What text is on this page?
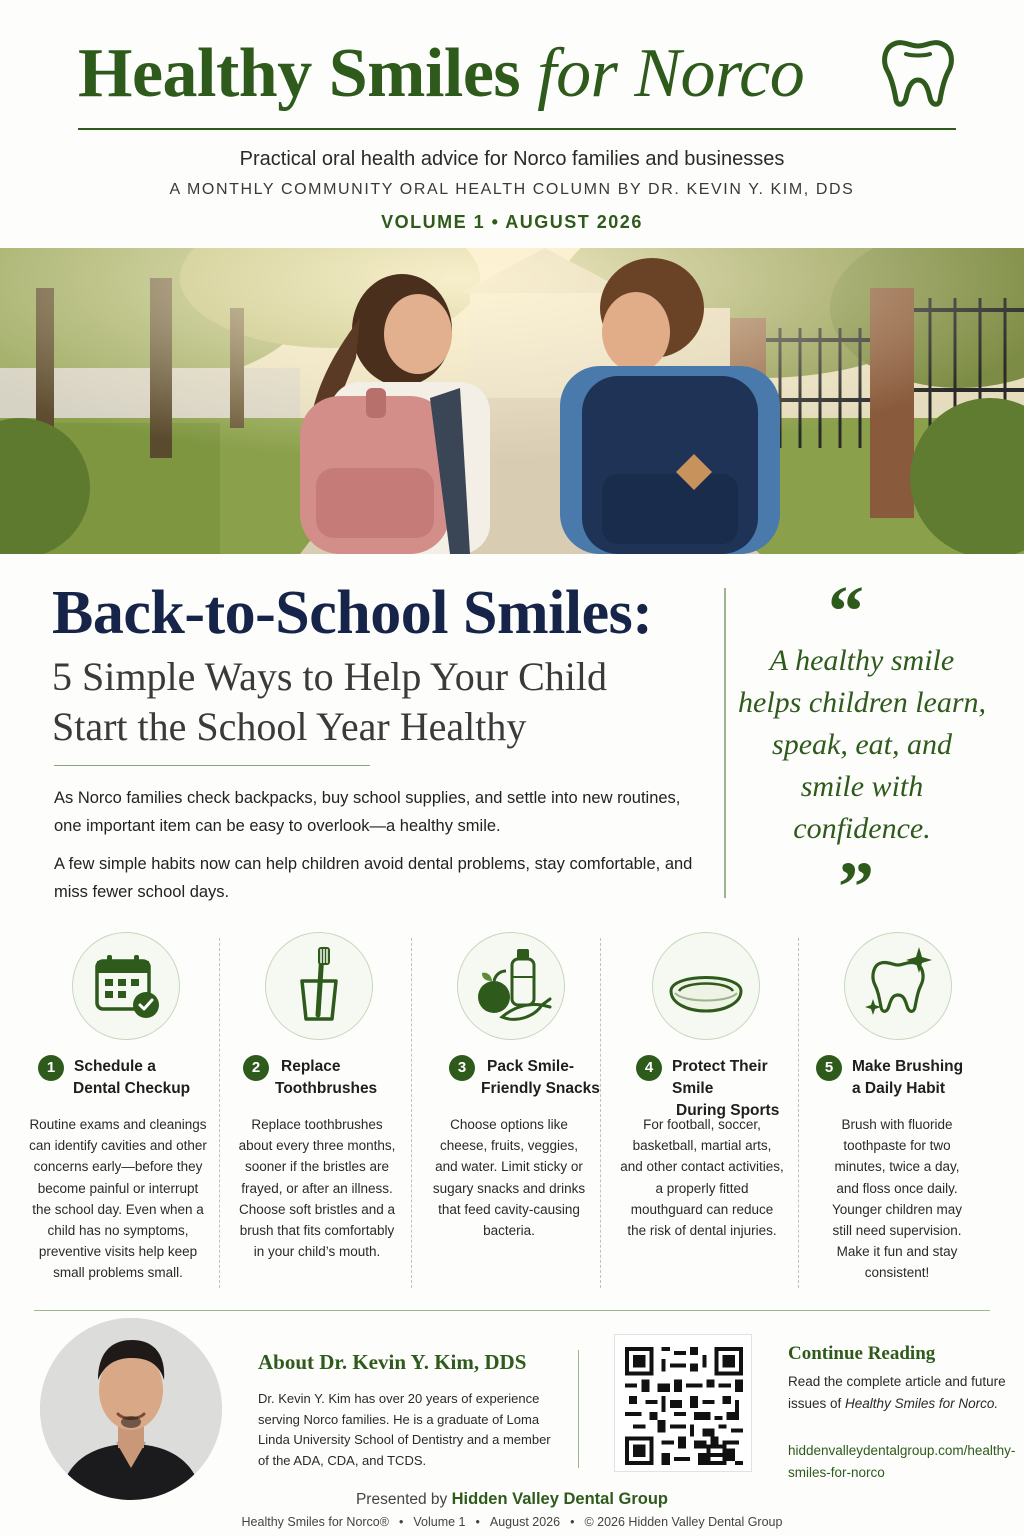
Healthy Smiles for Norco
Practical oral health advice for Norco families and businesses
A MONTHLY COMMUNITY ORAL HEALTH COLUMN BY DR. KEVIN Y. KIM, DDS
VOLUME 1 • AUGUST 2026
Back-to-School Smiles:
5 Simple Ways to Help Your Child
Start the School Year Healthy

As Norco families check backpacks, buy school supplies, and settle into new routines, one important item can be easy to overlook—a healthy smile.

A few simple habits now can help children avoid dental problems, stay comfortable, and miss fewer school days.

“
A healthy smile helps children learn, speak, eat, and smile with confidence.
”
1	Schedule a
Dental Checkup
Routine exams and cleanings can identify cavities and other concerns early—before they become painful or interrupt the school day. Even when a child has no symptoms, preventive visits help keep small problems small.
2	Replace
Toothbrushes
Replace toothbrushes about every three months, sooner if the bristles are frayed, or after an illness. Choose soft bristles and a brush that fits comfortably in your child’s mouth.
3	Pack Smile-
Friendly Snacks
Choose options like cheese, fruits, veggies, and water. Limit sticky or sugary snacks and drinks that feed cavity-causing bacteria.
4	Protect Their Smile
During Sports
For football, soccer, basketball, martial arts, and other contact activities, a properly fitted mouthguard can reduce the risk of dental injuries.
5	Make Brushing
a Daily Habit
Brush with fluoride toothpaste for two minutes, twice a day, and floss once daily. Younger children may still need supervision. Make it fun and stay consistent!
About Dr. Kevin Y. Kim, DDS
Dr. Kevin Y. Kim has over 20 years of experience serving Norco families. He is a graduate of Loma Linda University School of Dentistry and a member of the ADA, CDA, and TCDS.
Continue Reading
Read the complete article and future issues of Healthy Smiles for Norco.
hiddenvalleydentalgroup.com/healthy-smiles-for-norco
Presented by Hidden Valley Dental Group
Healthy Smiles for Norco® • Volume 1 • August 2026 • © 2026 Hidden Valley Dental Group
